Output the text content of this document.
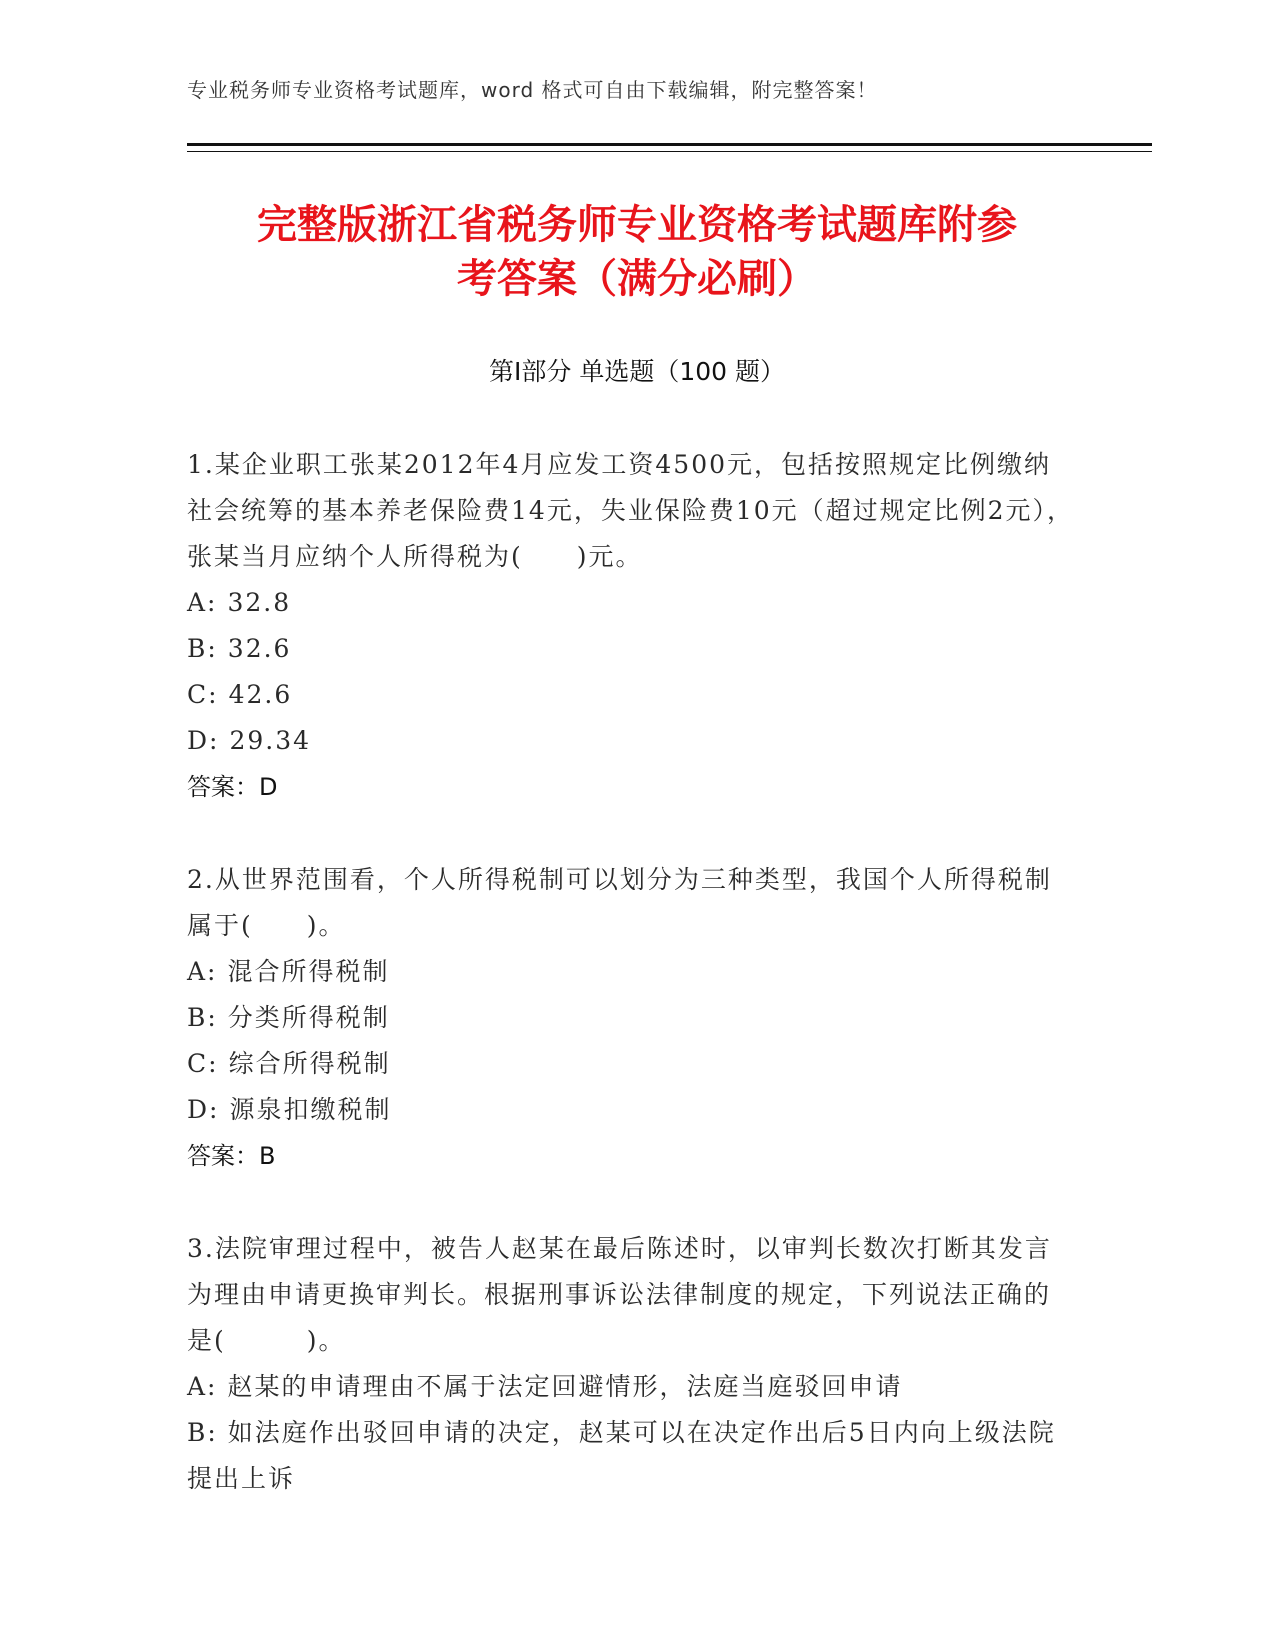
专业税务师专业资格考试题库，word 格式可自由下载编辑，附完整答案！
完整版浙江省税务师专业资格考试题库附参
考答案（满分必刷）
第Ⅰ部分 单选题（100 题）
1.某企业职工张某2012年4月应发工资4500元，包括按照规定比例缴纳社会统筹的基本养老保险费14元，失业保险费10元（超过规定比例2元），张某当月应纳个人所得税为(　　)元。
A: 32.8
B: 32.6
C: 42.6
D: 29.34
答案：D
2.从世界范围看，个人所得税制可以划分为三种类型，我国个人所得税制属于(　　)。
A: 混合所得税制
B: 分类所得税制
C: 综合所得税制
D: 源泉扣缴税制
答案：B
3.法院审理过程中，被告人赵某在最后陈述时，以审判长数次打断其发言为理由申请更换审判长。根据刑事诉讼法律制度的规定，下列说法正确的是(　　　)。
A: 赵某的申请理由不属于法定回避情形，法庭当庭驳回申请
B: 如法庭作出驳回申请的决定，赵某可以在决定作出后5日内向上级法院提出上诉
